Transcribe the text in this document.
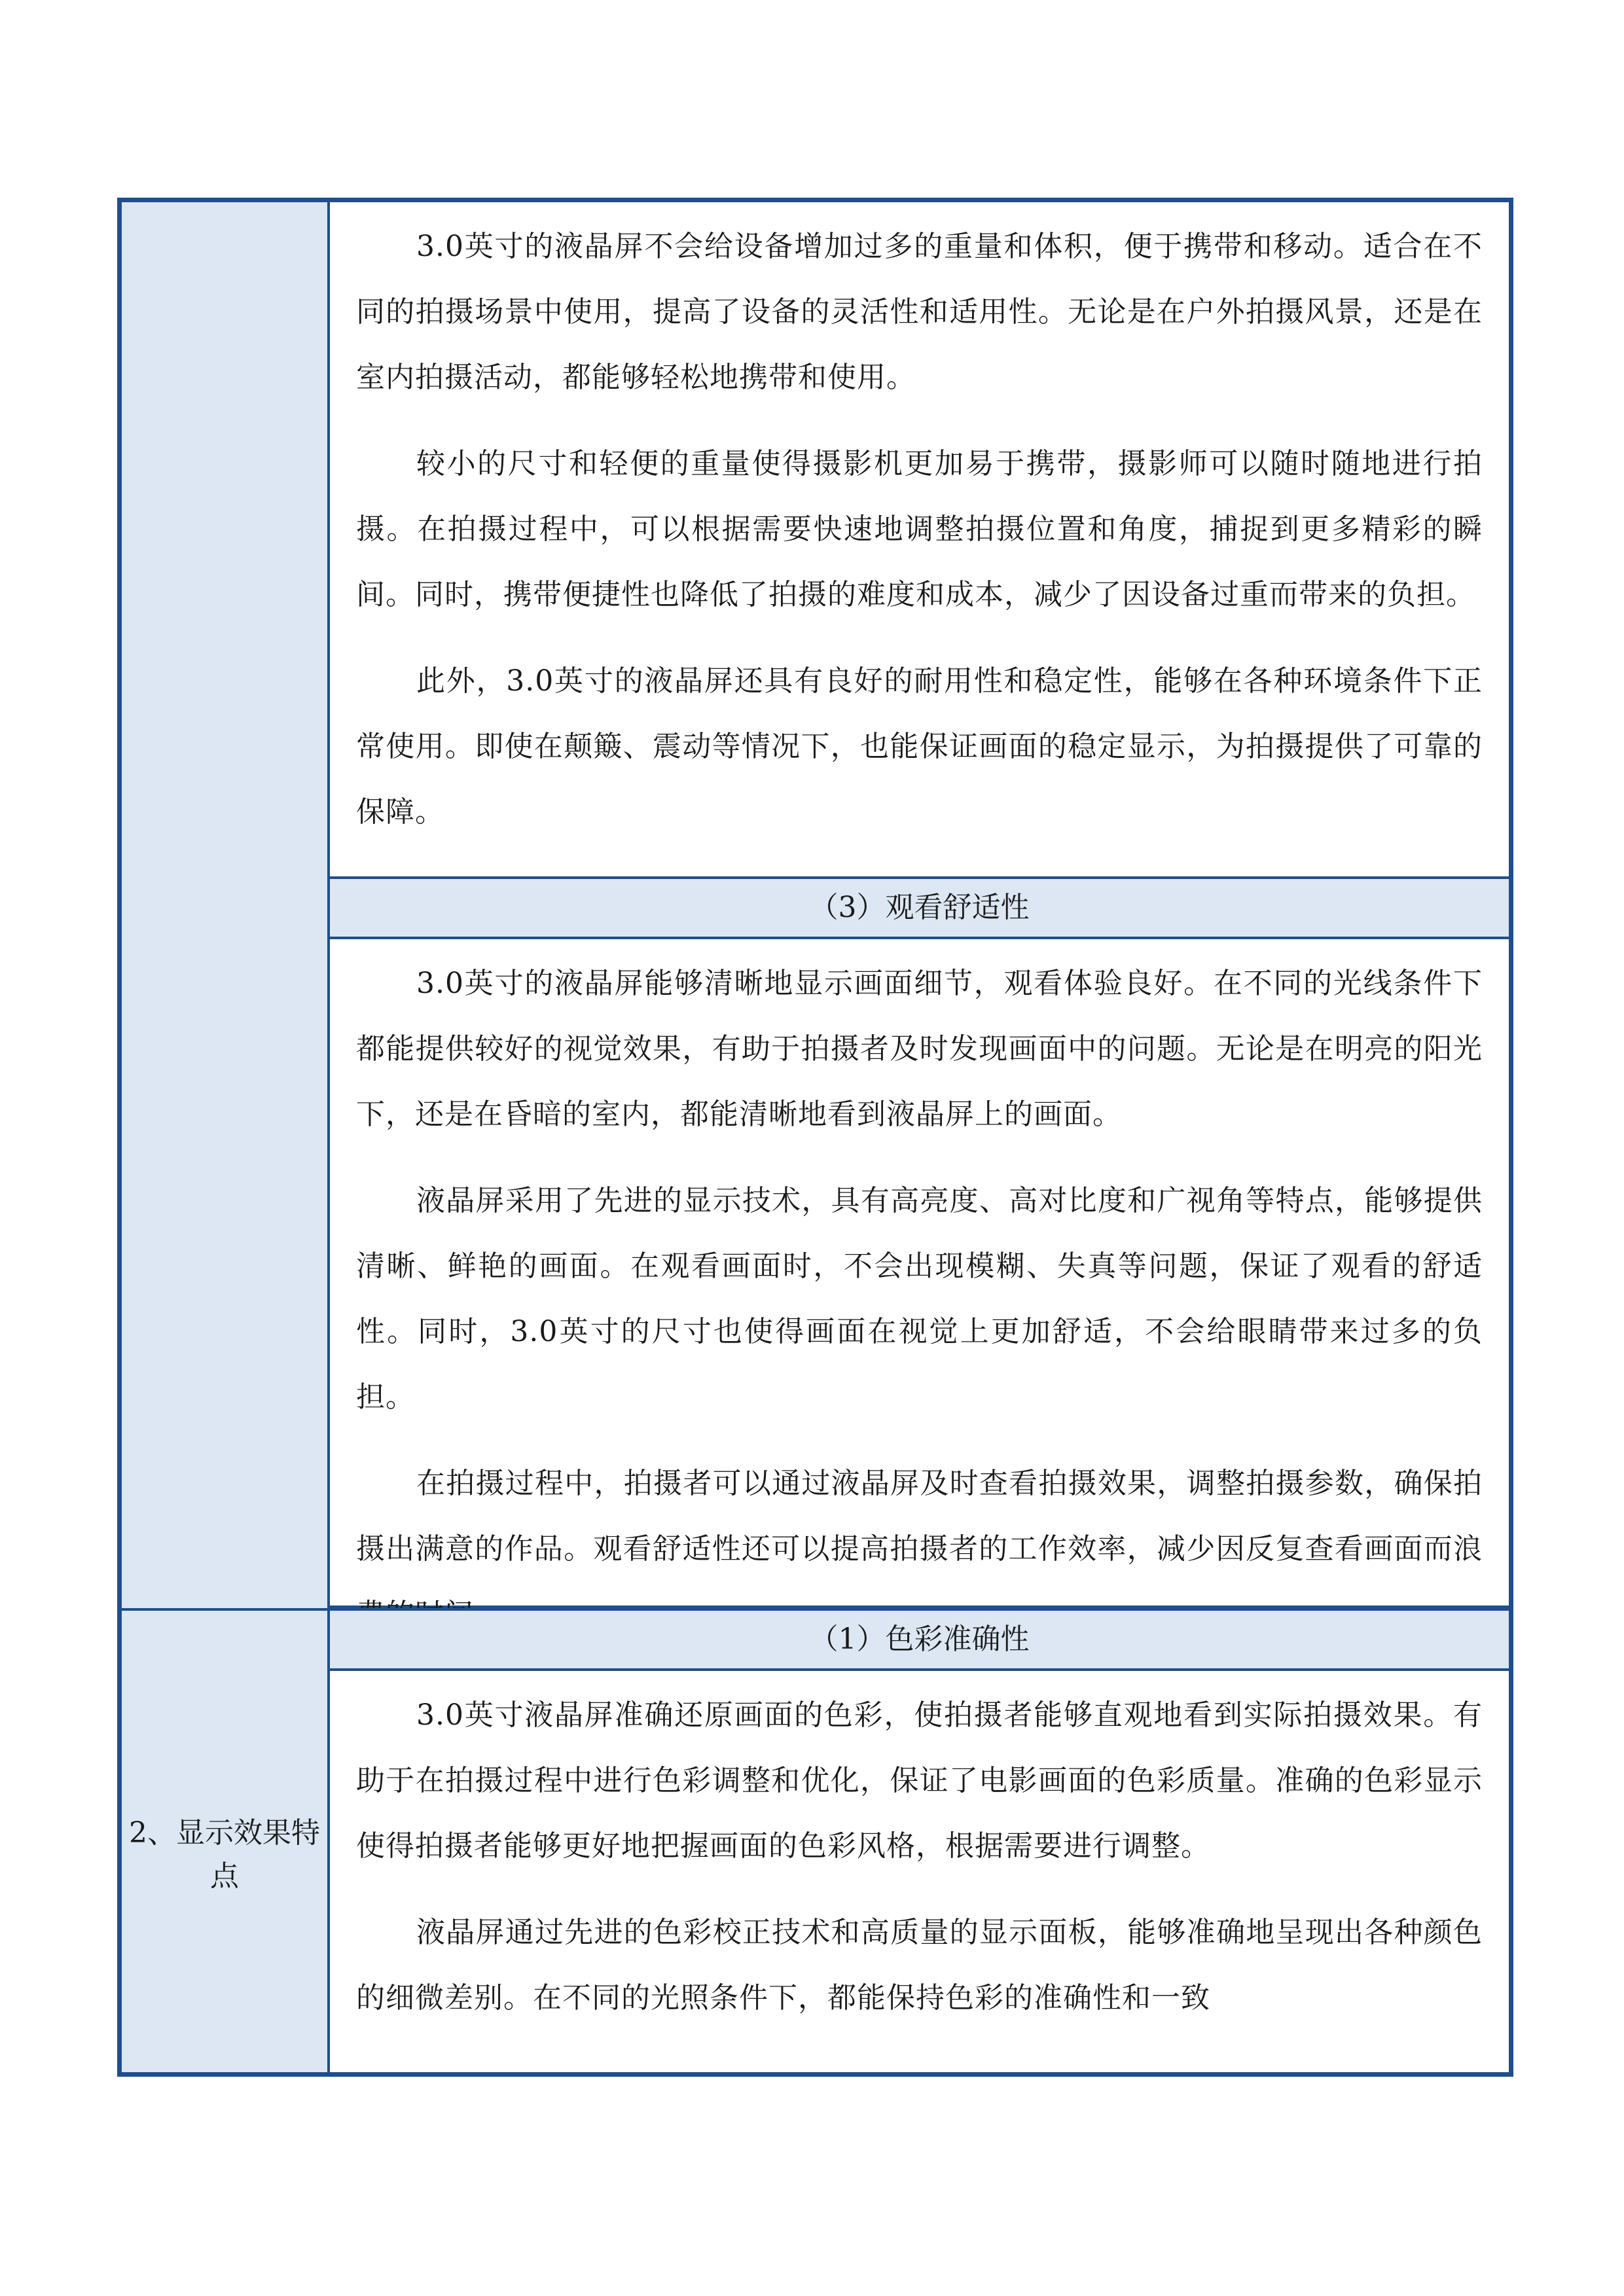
2、显示效果特点

3.0英寸的液晶屏不会给设备增加过多的重量和体积，便于携带和移动。适合在不同的拍摄场景中使用，提高了设备的灵活性和适用性。无论是在户外拍摄风景，还是在室内拍摄活动，都能够轻松地携带和使用。

较小的尺寸和轻便的重量使得摄影机更加易于携带，摄影师可以随时随地进行拍摄。在拍摄过程中，可以根据需要快速地调整拍摄位置和角度，捕捉到更多精彩的瞬间。同时，携带便捷性也降低了拍摄的难度和成本，减少了因设备过重而带来的负担。

此外，3.0英寸的液晶屏还具有良好的耐用性和稳定性，能够在各种环境条件下正常使用。即使在颠簸、震动等情况下，也能保证画面的稳定显示，为拍摄提供了可靠的保障。

（3）观看舒适性

3.0英寸的液晶屏能够清晰地显示画面细节，观看体验良好。在不同的光线条件下都能提供较好的视觉效果，有助于拍摄者及时发现画面中的问题。无论是在明亮的阳光下，还是在昏暗的室内，都能清晰地看到液晶屏上的画面。

液晶屏采用了先进的显示技术，具有高亮度、高对比度和广视角等特点，能够提供清晰、鲜艳的画面。在观看画面时，不会出现模糊、失真等问题，保证了观看的舒适性。同时，3.0英寸的尺寸也使得画面在视觉上更加舒适，不会给眼睛带来过多的负担。

在拍摄过程中，拍摄者可以通过液晶屏及时查看拍摄效果，调整拍摄参数，确保拍摄出满意的作品。观看舒适性还可以提高拍摄者的工作效率，减少因反复查看画面而浪

（1）色彩准确性

3.0英寸液晶屏准确还原画面的色彩，使拍摄者能够直观地看到实际拍摄效果。有助于在拍摄过程中进行色彩调整和优化，保证了电影画面的色彩质量。准确的色彩显示使得拍摄者能够更好地把握画面的色彩风格，根据需要进行调整。

液晶屏通过先进的色彩校正技术和高质量的显示面板，能够准确地呈现出各种颜色的细微差别。在不同的光照条件下，都能保持色彩的准确性和一致
